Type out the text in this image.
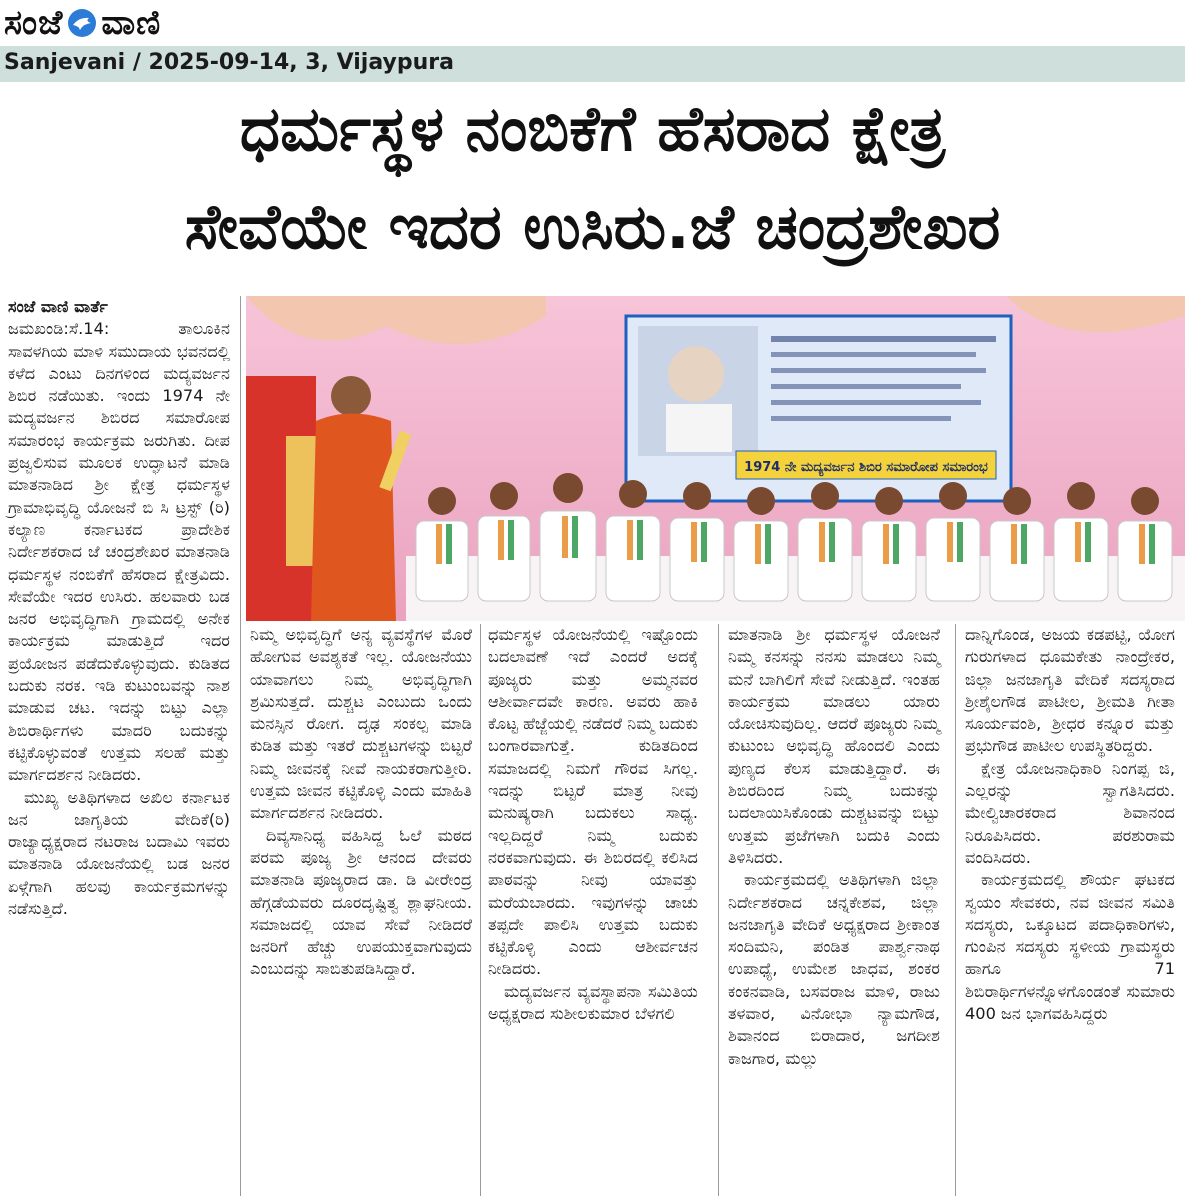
ಸಂಜೆ ವಾಣಿ
Sanjevani / 2025-09-14, 3, Vijaypura
ಧರ್ಮಸ್ಥಳ ನಂಬಿಕೆಗೆ ಹೆಸರಾದ ಕ್ಷೇತ್ರ
ಸೇವೆಯೇ ಇದರ ಉಸಿರು.ಜೆ ಚಂದ್ರಶೇಖರ
1974 ನೇ ಮದ್ಯವರ್ಜನ ಶಿಬಿರ ಸಮಾರೋಪ ಸಮಾರಂಭ

ಸಂಜೆ ವಾಣಿ ವಾರ್ತೆ

ಜಮಖಂಡಿ:ಸೆ.14: ತಾಲೂಕಿನ ಸಾವಳಗಿಯ ಮಾಳಿ ಸಮುದಾಯ ಭವನದಲ್ಲಿ ಕಳೆದ ಎಂಟು ದಿನಗಳಿಂದ ಮದ್ಯವರ್ಜನ ಶಿಬಿರ ನಡೆಯಿತು. ಇಂದು 1974 ನೇ ಮದ್ಯವರ್ಜನ ಶಿಬಿರದ ಸಮಾರೋಪ ಸಮಾರಂಭ ಕಾರ್ಯಕ್ರಮ ಜರುಗಿತು. ದೀಪ ಪ್ರಜ್ವಲಿಸುವ ಮೂಲಕ ಉದ್ಘಾಟನೆ ಮಾಡಿ ಮಾತನಾಡಿದ ಶ್ರೀ ಕ್ಷೇತ್ರ ಧರ್ಮಸ್ಥಳ ಗ್ರಾಮಾಭಿವೃದ್ಧಿ ಯೋಜನೆ ಬಿ ಸಿ ಟ್ರಸ್ಟ್ (ರಿ) ಕಲ್ಯಾಣ ಕರ್ನಾಟಕದ ಪ್ರಾದೇಶಿಕ ನಿರ್ದೇಶಕರಾದ ಜೆ ಚಂದ್ರಶೇಖರ ಮಾತನಾಡಿ ಧರ್ಮಸ್ಥಳ ನಂಬಿಕೆಗೆ ಹೆಸರಾದ ಕ್ಷೇತ್ರವಿದು. ಸೇವೆಯೇ ಇದರ ಉಸಿರು. ಹಲವಾರು ಬಡ ಜನರ ಅಭಿವೃದ್ಧಿಗಾಗಿ ಗ್ರಾಮದಲ್ಲಿ ಅನೇಕ ಕಾರ್ಯಕ್ರಮ ಮಾಡುತ್ತಿದೆ ಇದರ ಪ್ರಯೋಜನ ಪಡೆದುಕೊಳ್ಳುವುದು. ಕುಡಿತದ ಬದುಕು ನರಕ. ಇಡಿ ಕುಟುಂಬವನ್ನು ನಾಶ ಮಾಡುವ ಚಟ. ಇದನ್ನು ಬಿಟ್ಟು ಎಲ್ಲಾ ಶಿಬಿರಾರ್ಥಿಗಳು ಮಾದರಿ ಬದುಕನ್ನು ಕಟ್ಟಿಕೊಳ್ಳುವಂತೆ ಉತ್ತಮ ಸಲಹೆ ಮತ್ತು ಮಾರ್ಗದರ್ಶನ ನೀಡಿದರು.

ಮುಖ್ಯ ಅತಿಥಿಗಳಾದ ಅಖಿಲ ಕರ್ನಾಟಕ ಜನ ಜಾಗೃತಿಯ ವೇದಿಕೆ(ರಿ) ರಾಜ್ಯಾಧ್ಯಕ್ಷರಾದ ನಟರಾಜ ಬದಾಮಿ ಇವರು ಮಾತನಾಡಿ ಯೋಜನೆಯಲ್ಲಿ ಬಡ ಜನರ ಏಳ್ಗೆಗಾಗಿ ಹಲವು ಕಾರ್ಯಕ್ರಮಗಳನ್ನು ನಡೆಸುತ್ತಿದೆ.

ನಿಮ್ಮ ಅಭಿವೃದ್ಧಿಗೆ ಅನ್ಯ ವ್ಯವಸ್ಥೆಗಳ ಮೊರೆ ಹೋಗುವ ಅವಶ್ಯಕತೆ ಇಲ್ಲ. ಯೋಜನೆಯು ಯಾವಾಗಲು ನಿಮ್ಮ ಅಭಿವೃದ್ಧಿಗಾಗಿ ಶ್ರಮಿಸುತ್ತದೆ. ದುಶ್ಚಟ ಎಂಬುದು ಒಂದು ಮನಸ್ಸಿನ ರೋಗ. ದೃಢ ಸಂಕಲ್ಪ ಮಾಡಿ ಕುಡಿತ ಮತ್ತು ಇತರೆ ದುಶ್ಚಟಗಳನ್ನು ಬಿಟ್ಟರೆ ನಿಮ್ಮ ಜೀವನಕ್ಕೆ ನೀವೆ ನಾಯಕರಾಗುತ್ತೀರಿ. ಉತ್ತಮ ಜೀವನ ಕಟ್ಟಿಕೊಳ್ಳಿ ಎಂದು ಮಾಹಿತಿ ಮಾರ್ಗದರ್ಶನ ನೀಡಿದರು.

ದಿವ್ಯಸಾನಿಧ್ಯ ವಹಿಸಿದ್ದ ಓಲೆ ಮಠದ ಪರಮ ಪೂಜ್ಯ ಶ್ರೀ ಆನಂದ ದೇವರು ಮಾತನಾಡಿ ಪೂಜ್ಯರಾದ ಡಾ. ಡಿ ವೀರೇಂದ್ರ ಹೆಗ್ಗಡೆಯವರು ದೂರದೃಷ್ಟಿತ್ವ ಶ್ಲಾಘನೀಯ. ಸಮಾಜದಲ್ಲಿ ಯಾವ ಸೇವೆ ನೀಡಿದರೆ ಜನರಿಗೆ ಹೆಚ್ಚು ಉಪಯುಕ್ತವಾಗುವುದು ಎಂಬುದನ್ನು ಸಾಬಿತುಪಡಿಸಿದ್ದಾರೆ.

ಧರ್ಮಸ್ಥಳ ಯೋಜನೆಯಲ್ಲಿ ಇಷ್ಟೊಂದು ಬದಲಾವಣೆ ಇದೆ ಎಂದರೆ ಅದಕ್ಕೆ ಪೂಜ್ಯರು ಮತ್ತು ಅಮ್ಮನವರ ಆಶೀರ್ವಾದವೇ ಕಾರಣ. ಅವರು ಹಾಕಿ ಕೊಟ್ಟ ಹೆಜ್ಜೆಯಲ್ಲಿ ನಡೆದರೆ ನಿಮ್ಮ ಬದುಕು ಬಂಗಾರವಾಗುತ್ತೆ. ಕುಡಿತದಿಂದ ಸಮಾಜದಲ್ಲಿ ನಿಮಗೆ ಗೌರವ ಸಿಗಲ್ಲ. ಇದನ್ನು ಬಿಟ್ಟರೆ ಮಾತ್ರ ನೀವು ಮನುಷ್ಯರಾಗಿ ಬದುಕಲು ಸಾಧ್ಯ. ಇಲ್ಲದಿದ್ದರೆ ನಿಮ್ಮ ಬದುಕು ನರಕವಾಗುವುದು. ಈ ಶಿಬಿರದಲ್ಲಿ ಕಲಿಸಿದ ಪಾಠವನ್ನು ನೀವು ಯಾವತ್ತು ಮರೆಯಬಾರದು. ಇವುಗಳನ್ನು ಚಾಚು ತಪ್ಪದೇ ಪಾಲಿಸಿ ಉತ್ತಮ ಬದುಕು ಕಟ್ಟಿಕೊಳ್ಳಿ ಎಂದು ಆಶೀರ್ವಚನ ನೀಡಿದರು.

ಮದ್ಯವರ್ಜನ ವ್ಯವಸ್ಥಾಪನಾ ಸಮಿತಿಯ ಅಧ್ಯಕ್ಷರಾದ ಸುಶೀಲಕುಮಾರ ಬೆಳಗಲಿ

ಮಾತನಾಡಿ ಶ್ರೀ ಧರ್ಮಸ್ಥಳ ಯೋಜನೆ ನಿಮ್ಮ ಕನಸನ್ನು ನನಸು ಮಾಡಲು ನಿಮ್ಮ ಮನೆ ಬಾಗಿಲಿಗೆ ಸೇವೆ ನೀಡುತ್ತಿದೆ. ಇಂತಹ ಕಾರ್ಯಕ್ರಮ ಮಾಡಲು ಯಾರು ಯೋಚಿಸುವುದಿಲ್ಲ. ಆದರೆ ಪೂಜ್ಯರು ನಿಮ್ಮ ಕುಟುಂಬ ಅಭಿವೃದ್ಧಿ ಹೊಂದಲಿ ಎಂದು ಪುಣ್ಯದ ಕೆಲಸ ಮಾಡುತ್ತಿದ್ದಾರೆ. ಈ ಶಿಬಿರದಿಂದ ನಿಮ್ಮ ಬದುಕನ್ನು ಬದಲಾಯಿಸಿಕೊಂಡು ದುಶ್ಚಟವನ್ನು ಬಿಟ್ಟು ಉತ್ತಮ ಪ್ರಜೆಗಳಾಗಿ ಬದುಕಿ ಎಂದು ತಿಳಿಸಿದರು.

ಕಾರ್ಯಕ್ರಮದಲ್ಲಿ ಅತಿಥಿಗಳಾಗಿ ಜಿಲ್ಲಾ ನಿರ್ದೇಶಕರಾದ ಚನ್ನಕೇಶವ, ಜಿಲ್ಲಾ ಜನಜಾಗೃತಿ ವೇದಿಕೆ ಅಧ್ಯಕ್ಷರಾದ ಶ್ರೀಕಾಂತ ಸಂದಿಮನಿ, ಪಂಡಿತ ಪಾರ್ಶ್ವನಾಥ ಉಪಾಧ್ಯೆ, ಉಮೇಶ ಜಾಧವ, ಶಂಕರ ಕಂಕನವಾಡಿ, ಬಸವರಾಜ ಮಾಳಿ, ರಾಜು ತಳವಾರ, ವಿನೋಭಾ ನ್ಯಾಮಗೌಡ, ಶಿವಾನಂದ ಬಿರಾದಾರ, ಜಗದೀಶ ಕಾಜಗಾರ, ಮಲ್ಲು

ದಾನ್ನಿಗೊಂಡ, ಅಜಯ ಕಡಪಟ್ಟಿ, ಯೋಗ ಗುರುಗಳಾದ ಧೂಮಕೇತು ನಾಂದ್ರೇಕರ, ಜಿಲ್ಲಾ ಜನಜಾಗೃತಿ ವೇದಿಕೆ ಸದಸ್ಯರಾದ ಶ್ರೀಶೈಲಗೌಡ ಪಾಟೀಲ, ಶ್ರೀಮತಿ ಗೀತಾ ಸೂರ್ಯವಂಶಿ, ಶ್ರೀಧರ ಕನ್ನೂರ ಮತ್ತು ಪ್ರಭುಗೌಡ ಪಾಟೀಲ ಉಪಸ್ಥಿತರಿದ್ದರು.

ಕ್ಷೇತ್ರ ಯೋಜನಾಧಿಕಾರಿ ನಿಂಗಪ್ಪ ಜಿ, ಎಲ್ಲರನ್ನು ಸ್ವಾಗತಿಸಿದರು. ಮೇಲ್ವಿಚಾರಕರಾದ ಶಿವಾನಂದ ನಿರೂಪಿಸಿದರು. ಪರಶುರಾಮ ವಂದಿಸಿದರು.

ಕಾರ್ಯಕ್ರಮದಲ್ಲಿ ಶೌರ್ಯ ಘಟಕದ ಸ್ವಯಂ ಸೇವಕರು, ನವ ಜೀವನ ಸಮಿತಿ ಸದಸ್ಯರು, ಒಕ್ಕೂಟದ ಪದಾಧಿಕಾರಿಗಳು, ಗುಂಪಿನ ಸದಸ್ಯರು ಸ್ಥಳೀಯ ಗ್ರಾಮಸ್ಥರು ಹಾಗೂ 71 ಶಿಬಿರಾರ್ಥಿಗಳನ್ನೊಳಗೊಂಡಂತೆ ಸುಮಾರು 400 ಜನ ಭಾಗವಹಿಸಿದ್ದರು
